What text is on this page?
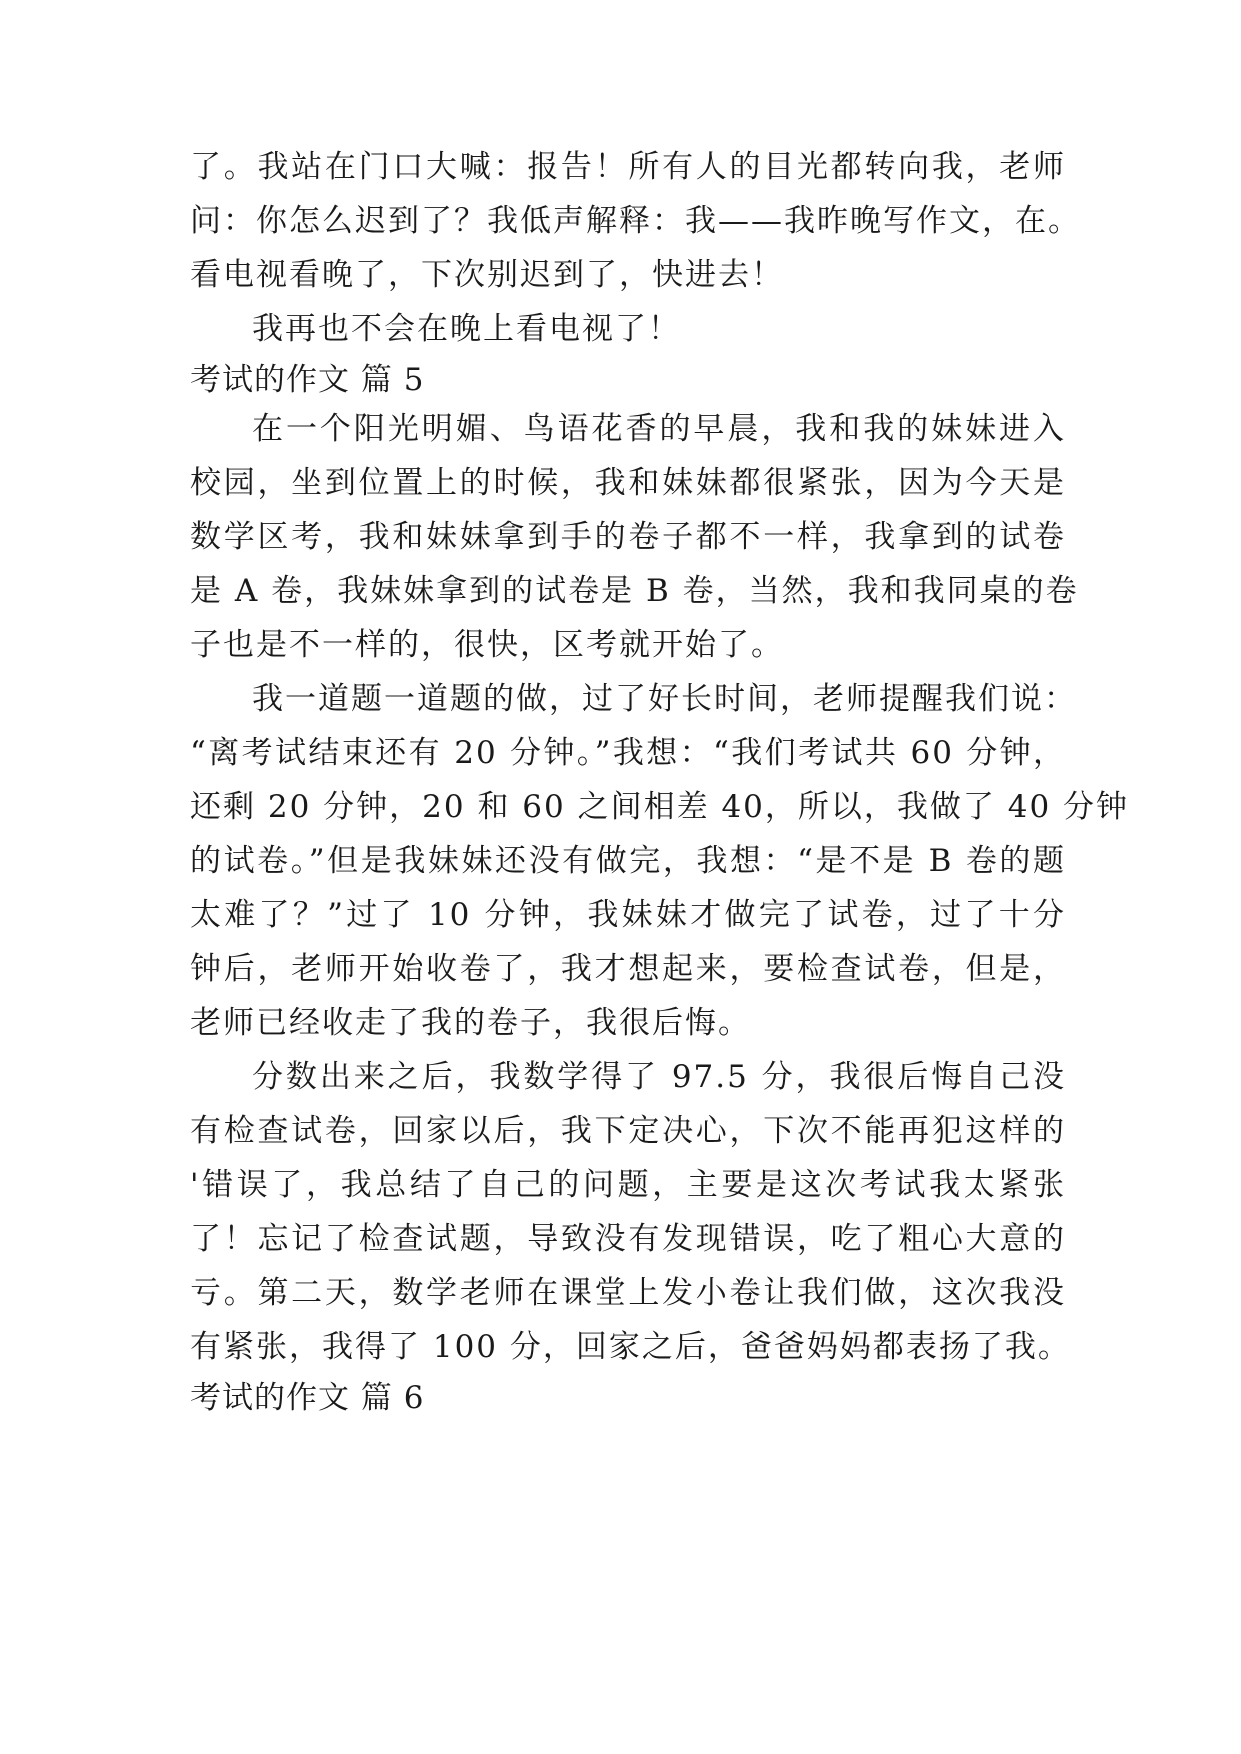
了。我站在门口大喊：报告！所有人的目光都转向我，老师
问：你怎么迟到了？我低声解释：我——我昨晚写作文，在。
看电视看晚了，下次别迟到了，快进去！
我再也不会在晚上看电视了！
考试的作文 篇 5
在一个阳光明媚、鸟语花香的早晨，我和我的妹妹进入
校园，坐到位置上的时候，我和妹妹都很紧张，因为今天是
数学区考，我和妹妹拿到手的卷子都不一样，我拿到的试卷
是 A 卷，我妹妹拿到的试卷是 B 卷，当然，我和我同桌的卷
子也是不一样的，很快，区考就开始了。
我一道题一道题的做，过了好长时间，老师提醒我们说：
“离考试结束还有 20 分钟。”我想：“我们考试共 60 分钟，
还剩 20 分钟，20 和 60 之间相差 40，所以，我做了 40 分钟
的试卷。”但是我妹妹还没有做完，我想：“是不是 B 卷的题
太难了？”过了 10 分钟，我妹妹才做完了试卷，过了十分
钟后，老师开始收卷了，我才想起来，要检查试卷，但是，
老师已经收走了我的卷子，我很后悔。
分数出来之后，我数学得了 97.5 分，我很后悔自己没
有检查试卷，回家以后，我下定决心，下次不能再犯这样的
'错误了，我总结了自己的问题，主要是这次考试我太紧张
了！忘记了检查试题，导致没有发现错误，吃了粗心大意的
亏。第二天，数学老师在课堂上发小卷让我们做，这次我没
有紧张，我得了 100 分，回家之后，爸爸妈妈都表扬了我。
考试的作文 篇 6
